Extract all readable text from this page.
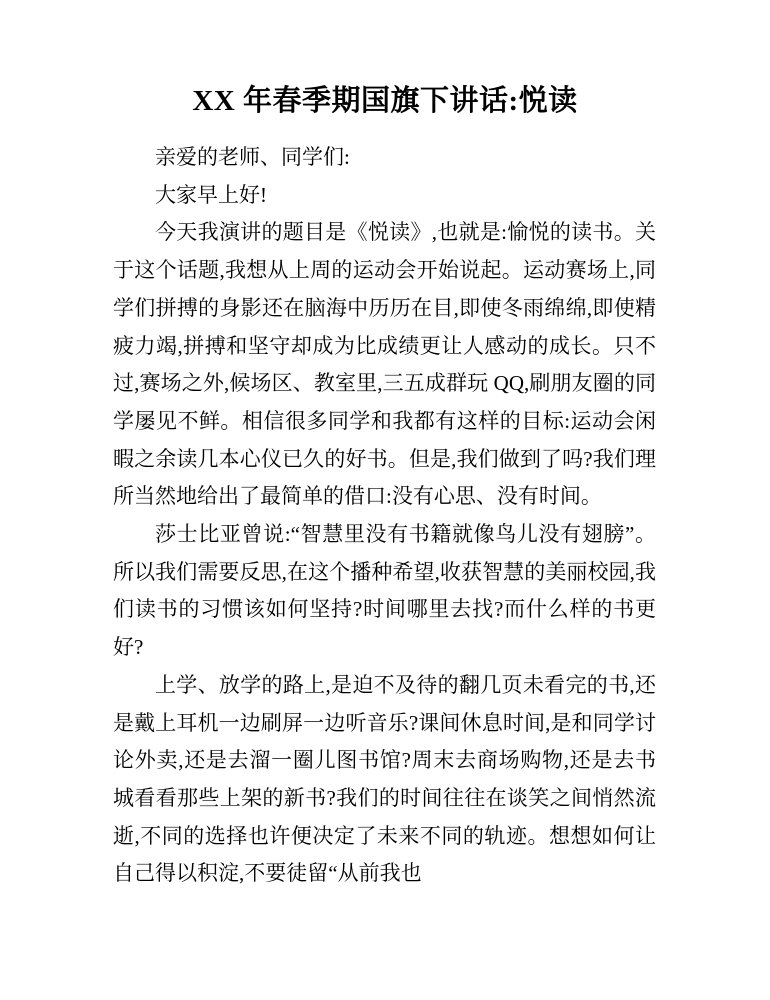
XX 年春季期国旗下讲话:悦读

亲爱的老师、同学们:

大家早上好!

今天我演讲的题目是《悦读》,也就是:愉悦的读书。关于这个话题,我想从上周的运动会开始说起。运动赛场上,同学们拼搏的身影还在脑海中历历在目,即使冬雨绵绵,即使精疲力竭,拼搏和坚守却成为比成绩更让人感动的成长。只不过,赛场之外,候场区、教室里,三五成群玩 QQ,刷朋友圈的同学屡见不鲜。相信很多同学和我都有这样的目标:运动会闲暇之余读几本心仪已久的好书。但是,我们做到了吗?我们理所当然地给出了最简单的借口:没有心思、没有时间。

莎士比亚曾说:“智慧里没有书籍就像鸟儿没有翅膀”。所以我们需要反思,在这个播种希望,收获智慧的美丽校园,我们读书的习惯该如何坚持?时间哪里去找?而什么样的书更好?

上学、放学的路上,是迫不及待的翻几页未看完的书,还是戴上耳机一边刷屏一边听音乐?课间休息时间,是和同学讨论外卖,还是去溜一圈儿图书馆?周末去商场购物,还是去书城看看那些上架的新书?我们的时间往往在谈笑之间悄然流逝,不同的选择也许便决定了未来不同的轨迹。想想如何让自己得以积淀,不要徒留“从前我也
